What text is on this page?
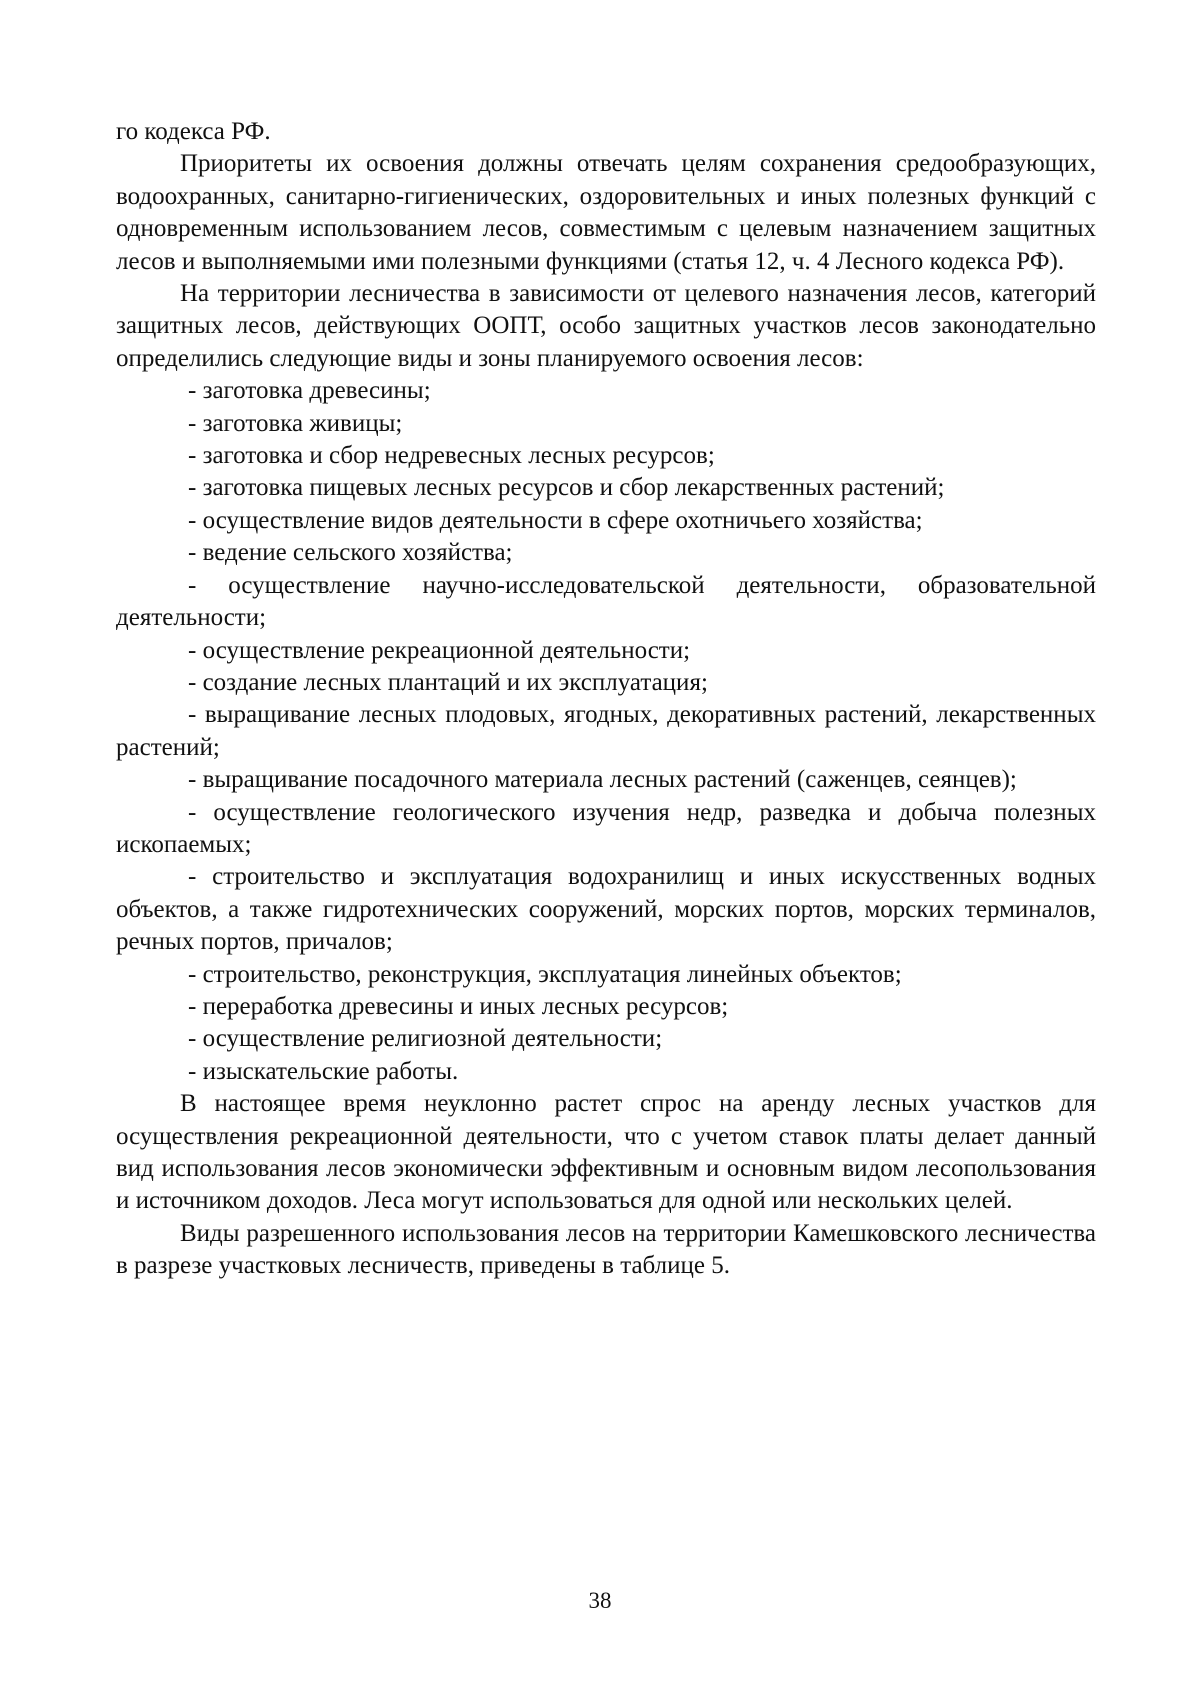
го кодекса РФ.

Приоритеты их освоения должны отвечать целям сохранения средообразующих, водоохранных, санитарно-гигиенических, оздоровительных и иных полезных функций с одновременным использованием лесов, совместимым с целевым назначением защитных лесов и выполняемыми ими полезными функциями (статья 12, ч. 4 Лесного кодекса РФ).

На территории лесничества в зависимости от целевого назначения лесов, категорий защитных лесов, действующих ООПТ, особо защитных участков лесов законодательно определились следующие виды и зоны планируемого освоения лесов:

- заготовка древесины;

- заготовка живицы;

- заготовка и сбор недревесных лесных ресурсов;

- заготовка пищевых лесных ресурсов и сбор лекарственных растений;

- осуществление видов деятельности в сфере охотничьего хозяйства;

- ведение сельского хозяйства;

- осуществление научно-исследовательской деятельности, образовательной деятельности;

- осуществление рекреационной деятельности;

- создание лесных плантаций и их эксплуатация;

- выращивание лесных плодовых, ягодных, декоративных растений, лекарственных растений;

- выращивание посадочного материала лесных растений (саженцев, сеянцев);

- осуществление геологического изучения недр, разведка и добыча полезных ископаемых;

- строительство и эксплуатация водохранилищ и иных искусственных водных объектов, а также гидротехнических сооружений, морских портов, морских терминалов, речных портов, причалов;

- строительство, реконструкция, эксплуатация линейных объектов;

- переработка древесины и иных лесных ресурсов;

- осуществление религиозной деятельности;

- изыскательские работы.

В настоящее время неуклонно растет спрос на аренду лесных участков для осуществления рекреационной деятельности, что с учетом ставок платы делает данный вид использования лесов экономически эффективным и основным видом лесопользования и источником доходов. Леса могут использоваться для одной или нескольких целей.

Виды разрешенного использования лесов на территории Камешковского лесничества в разрезе участковых лесничеств, приведены в таблице 5.

38
